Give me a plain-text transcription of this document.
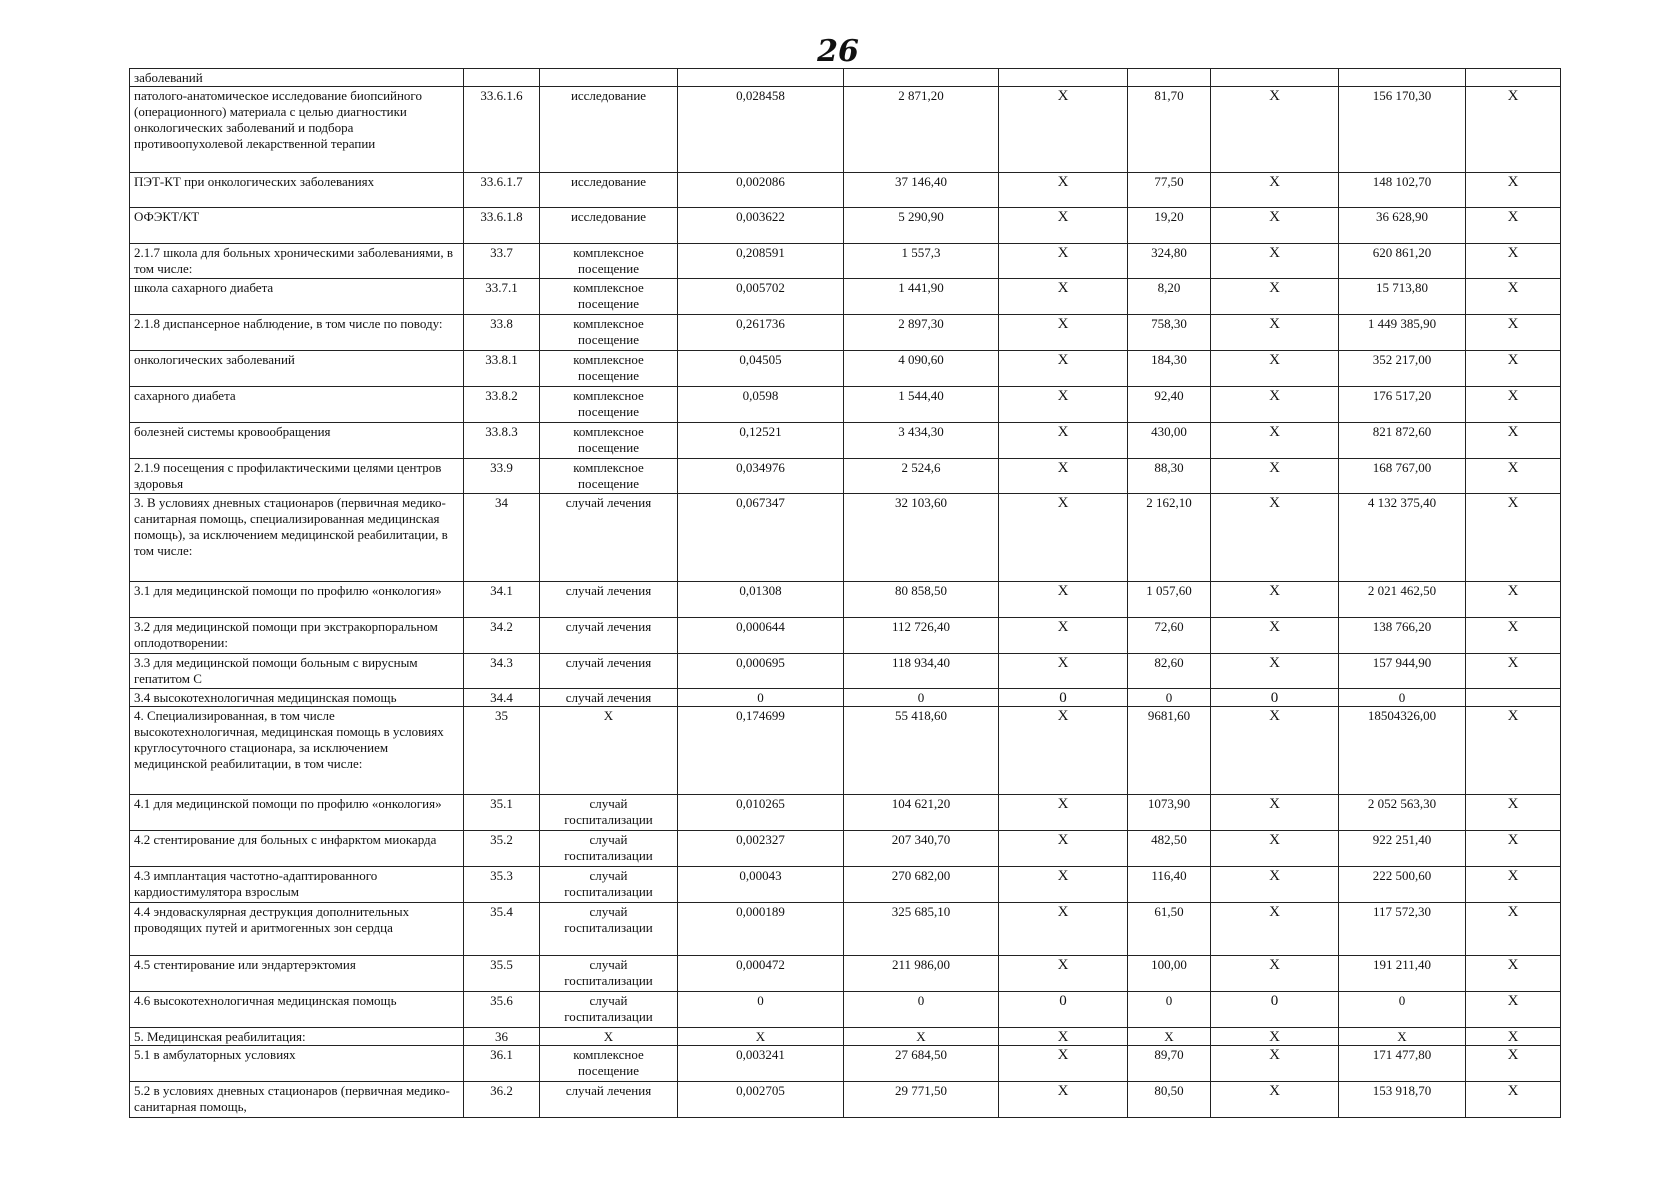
26
заболеваний									
патолого-анатомическое исследование биопсийного (операционного) материала с целью диагностики онкологических заболеваний и подбора противоопухолевой лекарственной терапии	33.6.1.6	исследование	0,028458	2 871,20	X	81,70	X	156 170,30	X
ПЭТ-КТ при онкологических заболеваниях	33.6.1.7	исследование	0,002086	37 146,40	X	77,50	X	148 102,70	X
ОФЭКТ/КТ	33.6.1.8	исследование	0,003622	5 290,90	X	19,20	X	36 628,90	X
2.1.7 школа для больных хроническими заболеваниями, в том числе:	33.7	комплексное посещение	0,208591	1 557,3	X	324,80	X	620 861,20	X
школа сахарного диабета	33.7.1	комплексное посещение	0,005702	1 441,90	X	8,20	X	15 713,80	X
2.1.8 диспансерное наблюдение, в том числе по поводу:	33.8	комплексное посещение	0,261736	2 897,30	X	758,30	X	1 449 385,90	X
онкологических заболеваний	33.8.1	комплексное посещение	0,04505	4 090,60	X	184,30	X	352 217,00	X
сахарного диабета	33.8.2	комплексное посещение	0,0598	1 544,40	X	92,40	X	176 517,20	X
болезней системы кровообращения	33.8.3	комплексное посещение	0,12521	3 434,30	X	430,00	X	821 872,60	X
2.1.9 посещения с профилактическими целями центров здоровья	33.9	комплексное посещение	0,034976	2 524,6	X	88,30	X	168 767,00	X
3. В условиях дневных стационаров (первичная медико-санитарная помощь, специализированная медицинская помощь), за исключением медицинской реабилитации, в том числе:	34	случай лечения	0,067347	32 103,60	X	2 162,10	X	4 132 375,40	X
3.1 для медицинской помощи по профилю «онкология»	34.1	случай лечения	0,01308	80 858,50	X	1 057,60	X	2 021 462,50	X
3.2 для медицинской помощи при экстракорпоральном оплодотворении:	34.2	случай лечения	0,000644	112 726,40	X	72,60	X	138 766,20	X
3.3 для медицинской помощи больным с вирусным гепатитом С	34.3	случай лечения	0,000695	118 934,40	X	82,60	X	157 944,90	X
3.4 высокотехнологичная медицинская помощь	34.4	случай лечения	0	0	0	0	0	0	
4. Специализированная, в том числе высокотехнологичная, медицинская помощь в условиях круглосуточного стационара, за исключением медицинской реабилитации, в том числе:	35	X	0,174699	55 418,60	X	9681,60	X	18504326,00	X
4.1 для медицинской помощи по профилю «онкология»	35.1	случай госпитализации	0,010265	104 621,20	X	1073,90	X	2 052 563,30	X
4.2 стентирование для больных с инфарктом миокарда	35.2	случай госпитализации	0,002327	207 340,70	X	482,50	X	922 251,40	X
4.3 имплантация частотно-адаптированного кардиостимулятора взрослым	35.3	случай госпитализации	0,00043	270 682,00	X	116,40	X	222 500,60	X
4.4 эндоваскулярная деструкция дополнительных проводящих путей и аритмогенных зон сердца	35.4	случай госпитализации	0,000189	325 685,10	X	61,50	X	117 572,30	X
4.5 стентирование или эндартерэктомия	35.5	случай госпитализации	0,000472	211 986,00	X	100,00	X	191 211,40	X
4.6 высокотехнологичная медицинская помощь	35.6	случай госпитализации	0	0	0	0	0	0	X
5. Медицинская реабилитация:	36	X	X	X	X	X	X	X	X
5.1 в амбулаторных условиях	36.1	комплексное посещение	0,003241	27 684,50	X	89,70	X	171 477,80	X
5.2 в условиях дневных стационаров (первичная медико-санитарная помощь,	36.2	случай лечения	0,002705	29 771,50	X	80,50	X	153 918,70	X
